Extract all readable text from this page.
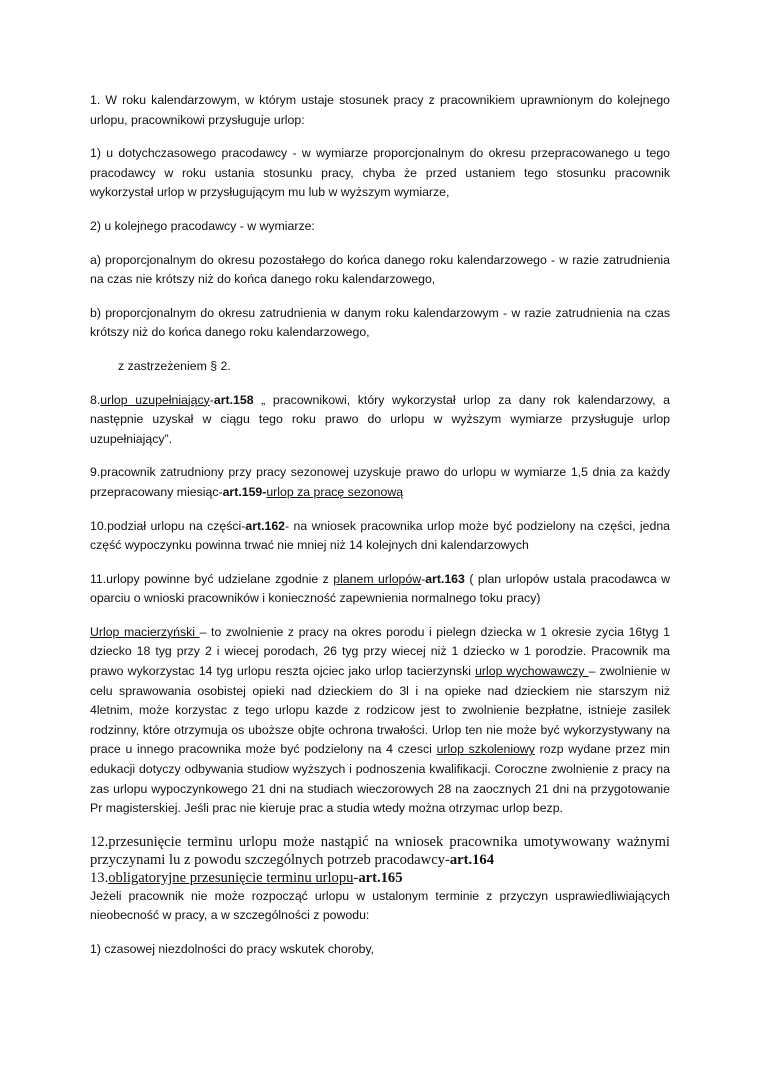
1. W roku kalendarzowym, w którym ustaje stosunek pracy z pracownikiem uprawnionym do kolejnego urlopu, pracownikowi przysługuje urlop:

1) u dotychczasowego pracodawcy - w wymiarze proporcjonalnym do okresu przepracowanego u tego pracodawcy w roku ustania stosunku pracy, chyba że przed ustaniem tego stosunku pracownik wykorzystał urlop w przysługującym mu lub w wyższym wymiarze,

2) u kolejnego pracodawcy - w wymiarze:

a) proporcjonalnym do okresu pozostałego do końca danego roku kalendarzowego - w razie zatrudnienia na czas nie krótszy niż do końca danego roku kalendarzowego,

b) proporcjonalnym do okresu zatrudnienia w danym roku kalendarzowym - w razie zatrudnienia na czas krótszy niż do końca danego roku kalendarzowego,

z zastrzeżeniem § 2.

8.urlop uzupełniający-art.158 „ pracownikowi, który wykorzystał urlop za dany rok kalendarzowy, a następnie uzyskał w ciągu tego roku prawo do urlopu w wyższym wymiarze przysługuje urlop uzupełniający”.

9.pracownik zatrudniony przy pracy sezonowej uzyskuje prawo do urlopu w wymiarze 1,5 dnia za każdy przepracowany miesiąc-art.159-urlop za pracę sezonową

10.podział urlopu na części-art.162- na wniosek pracownika urlop może być podzielony na części, jedna część wypoczynku powinna trwać nie mniej niż 14 kolejnych dni kalendarzowych

11.urlopy powinne być udzielane zgodnie z planem urlopów-art.163 ( plan urlopów ustala pracodawca w oparciu o wnioski pracowników i konieczność zapewnienia normalnego toku pracy)

Urlop macierzyński – to zwolnienie z pracy na okres porodu i pielegn dziecka w 1 okresie zycia 16tyg 1 dziecko 18 tyg przy 2 i wiecej porodach, 26 tyg przy wiecej niż 1 dziecko w 1 porodzie. Pracownik ma prawo wykorzystac 14 tyg urlopu reszta ojciec jako urlop tacierzynski urlop wychowawczy – zwolnienie w celu sprawowania osobistej opieki nad dzieckiem do 3l i na opieke nad dzieckiem nie starszym niż 4letnim, może korzystac z tego urlopu kazde z rodzicow jest to zwolnienie bezpłatne, istnieje zasilek rodzinny, które otrzymuja os uboższe objte ochrona trwałości. Urlop ten nie może być wykorzystywany na prace u innego pracownika może być podzielony na 4 czesci urlop szkoleniowy rozp wydane przez min edukacji dotyczy odbywania studiow wyższych i podnoszenia kwalifikacji. Coroczne zwolnienie z pracy na zas urlopu wypoczynkowego 21 dni na studiach wieczorowych 28 na zaocznych 21 dni na przygotowanie Pr magisterskiej. Jeśli prac nie kieruje prac a studia wtedy można otrzymac urlop bezp.

12.przesunięcie terminu urlopu może nastąpić na wniosek pracownika umotywowany ważnymi przyczynami lu z powodu szczególnych potrzeb pracodawcy-art.164

13.obligatoryjne przesunięcie terminu urlopu-art.165

Jeżeli pracownik nie może rozpocząć urlopu w ustalonym terminie z przyczyn usprawiedliwiających nieobecność w pracy, a w szczególności z powodu:

1) czasowej niezdolności do pracy wskutek choroby,
